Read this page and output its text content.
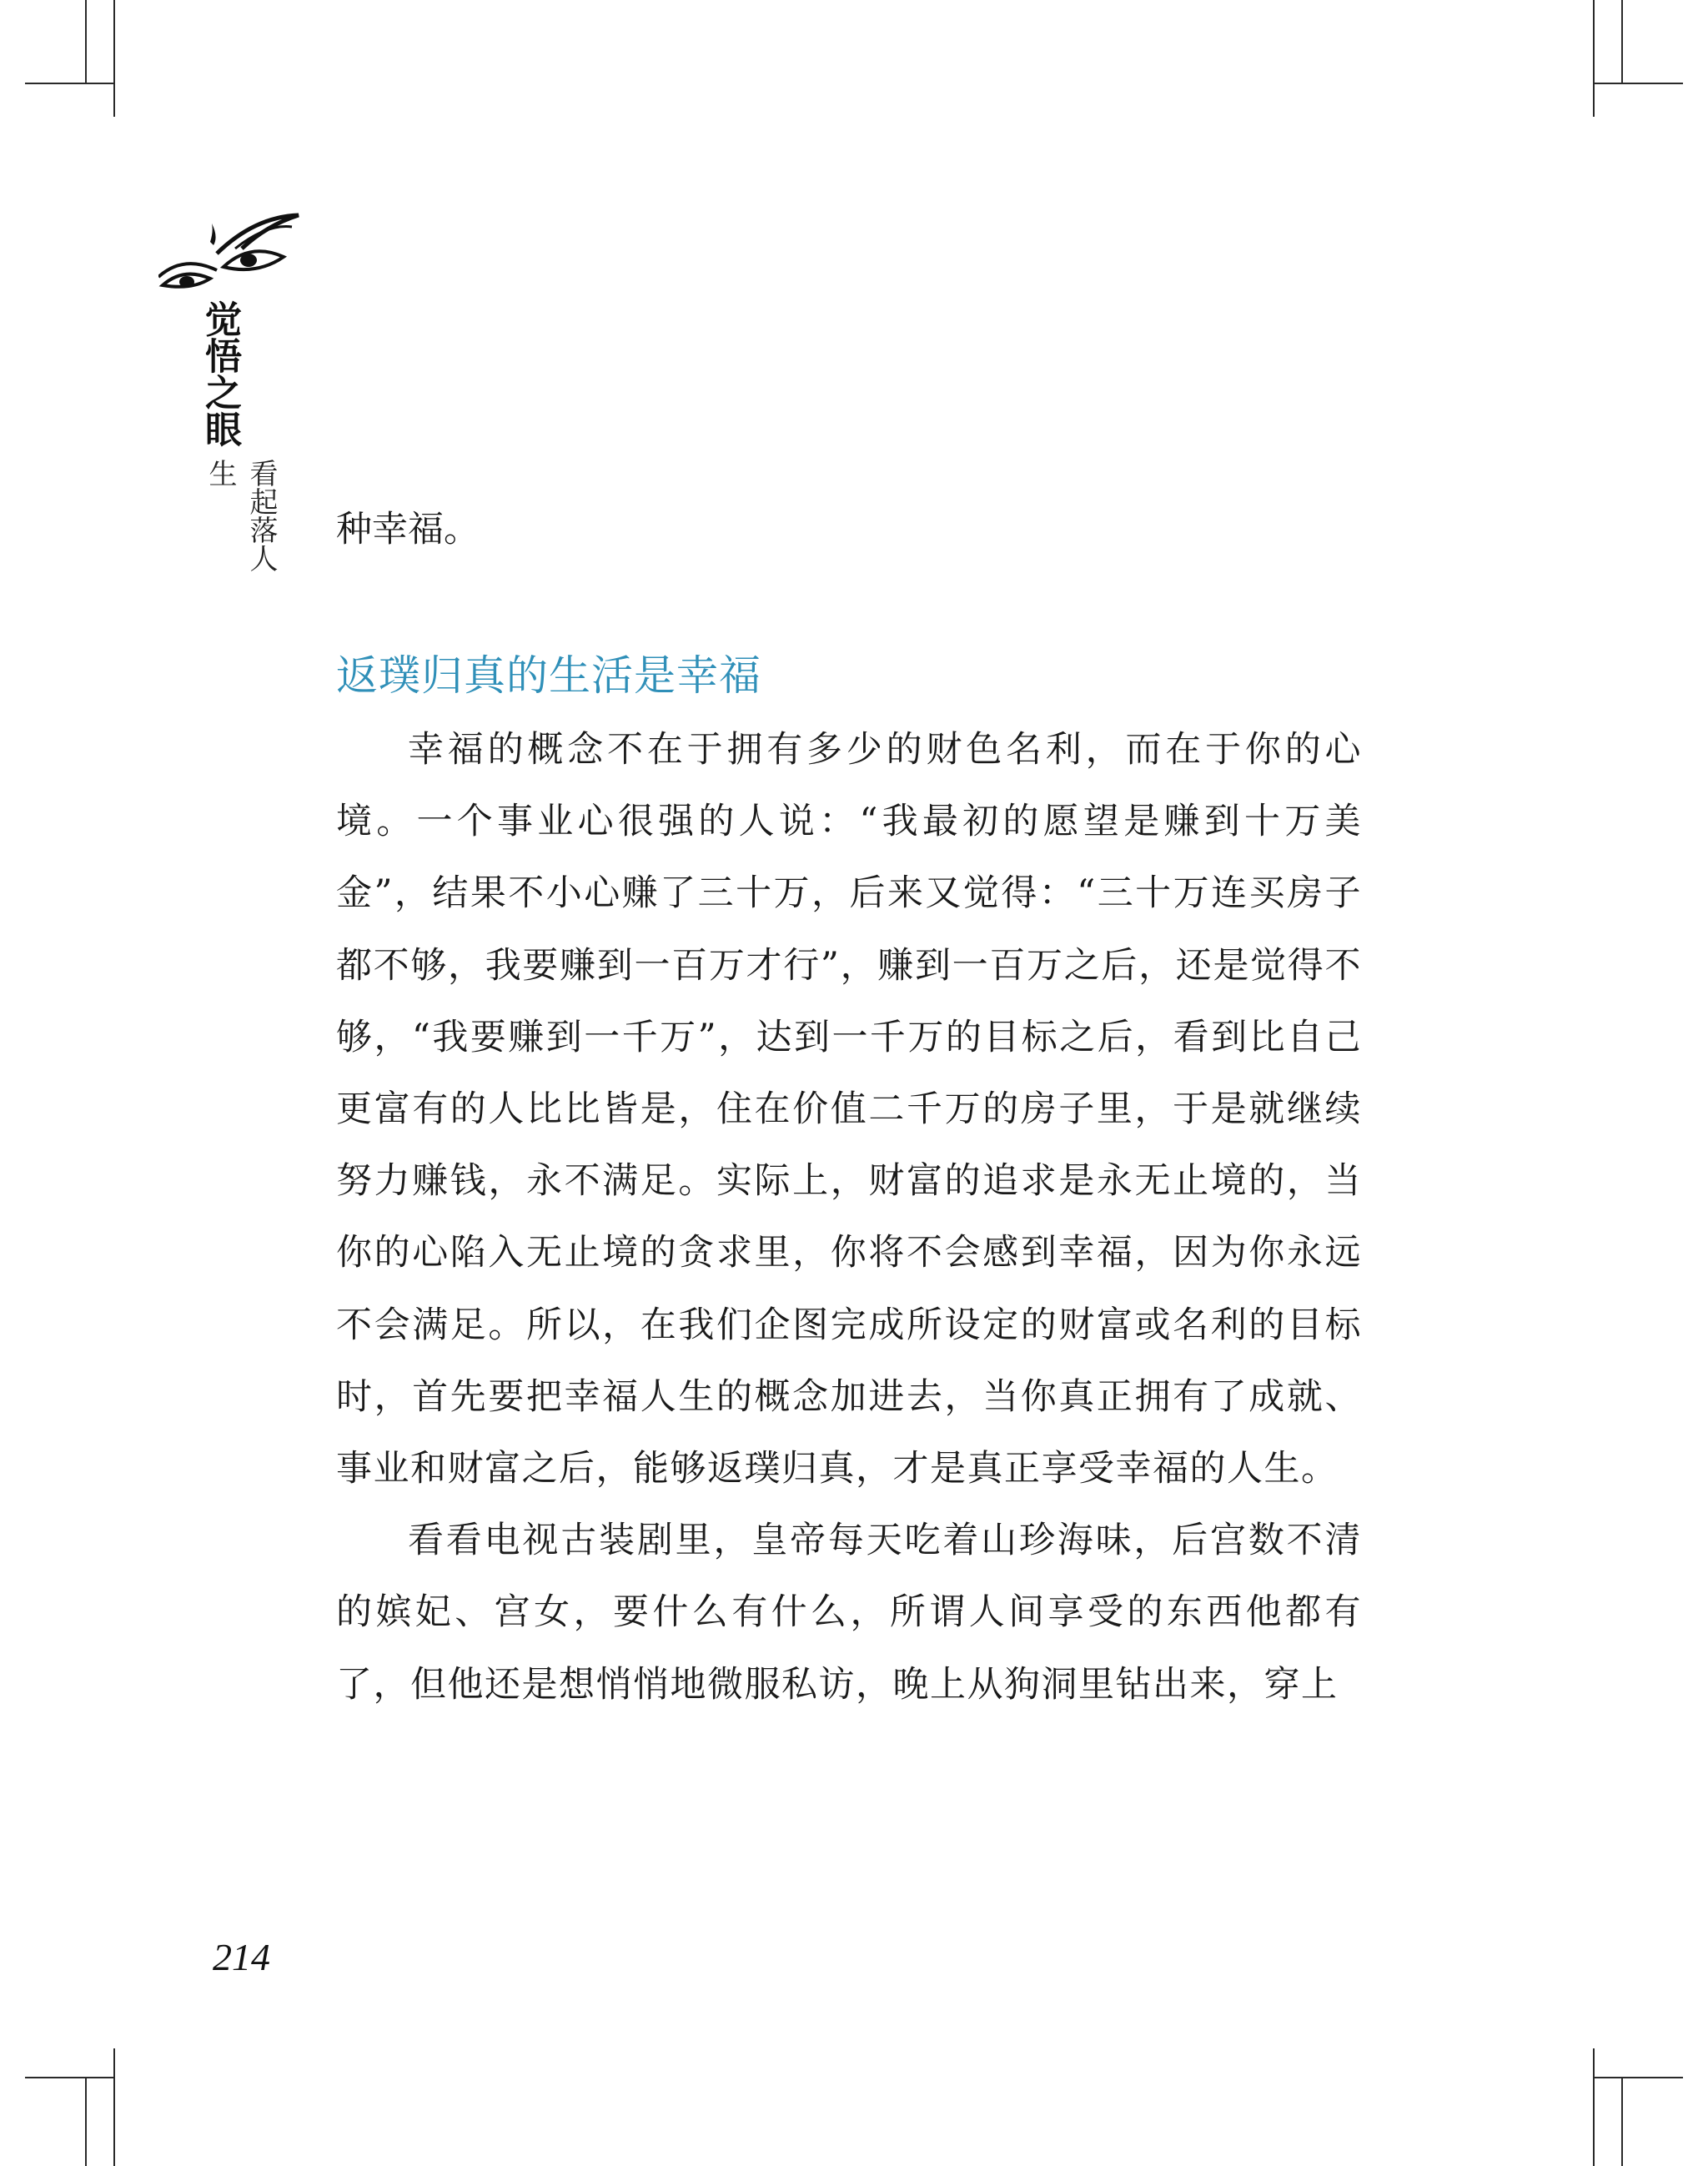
觉悟之眼
看起落人生

种幸福。

返璞归真的生活是幸福

幸福的概念不在于拥有多少的财色名利，而在于你的心境。一个事业心很强的人说：“我最初的愿望是赚到十万美金”，结果不小心赚了三十万，后来又觉得：“三十万连买房子都不够，我要赚到一百万才行”，赚到一百万之后，还是觉得不够，“我要赚到一千万”，达到一千万的目标之后，看到比自己更富有的人比比皆是，住在价值二千万的房子里，于是就继续努力赚钱，永不满足。实际上，财富的追求是永无止境的，当你的心陷入无止境的贪求里，你将不会感到幸福，因为你永远不会满足。所以，在我们企图完成所设定的财富或名利的目标时，首先要把幸福人生的概念加进去，当你真正拥有了成就、事业和财富之后，能够返璞归真，才是真正享受幸福的人生。

看看电视古装剧里，皇帝每天吃着山珍海味，后宫数不清的嫔妃、宫女，要什么有什么，所谓人间享受的东西他都有了，但他还是想悄悄地微服私访，晚上从狗洞里钻出来，穿上

214
